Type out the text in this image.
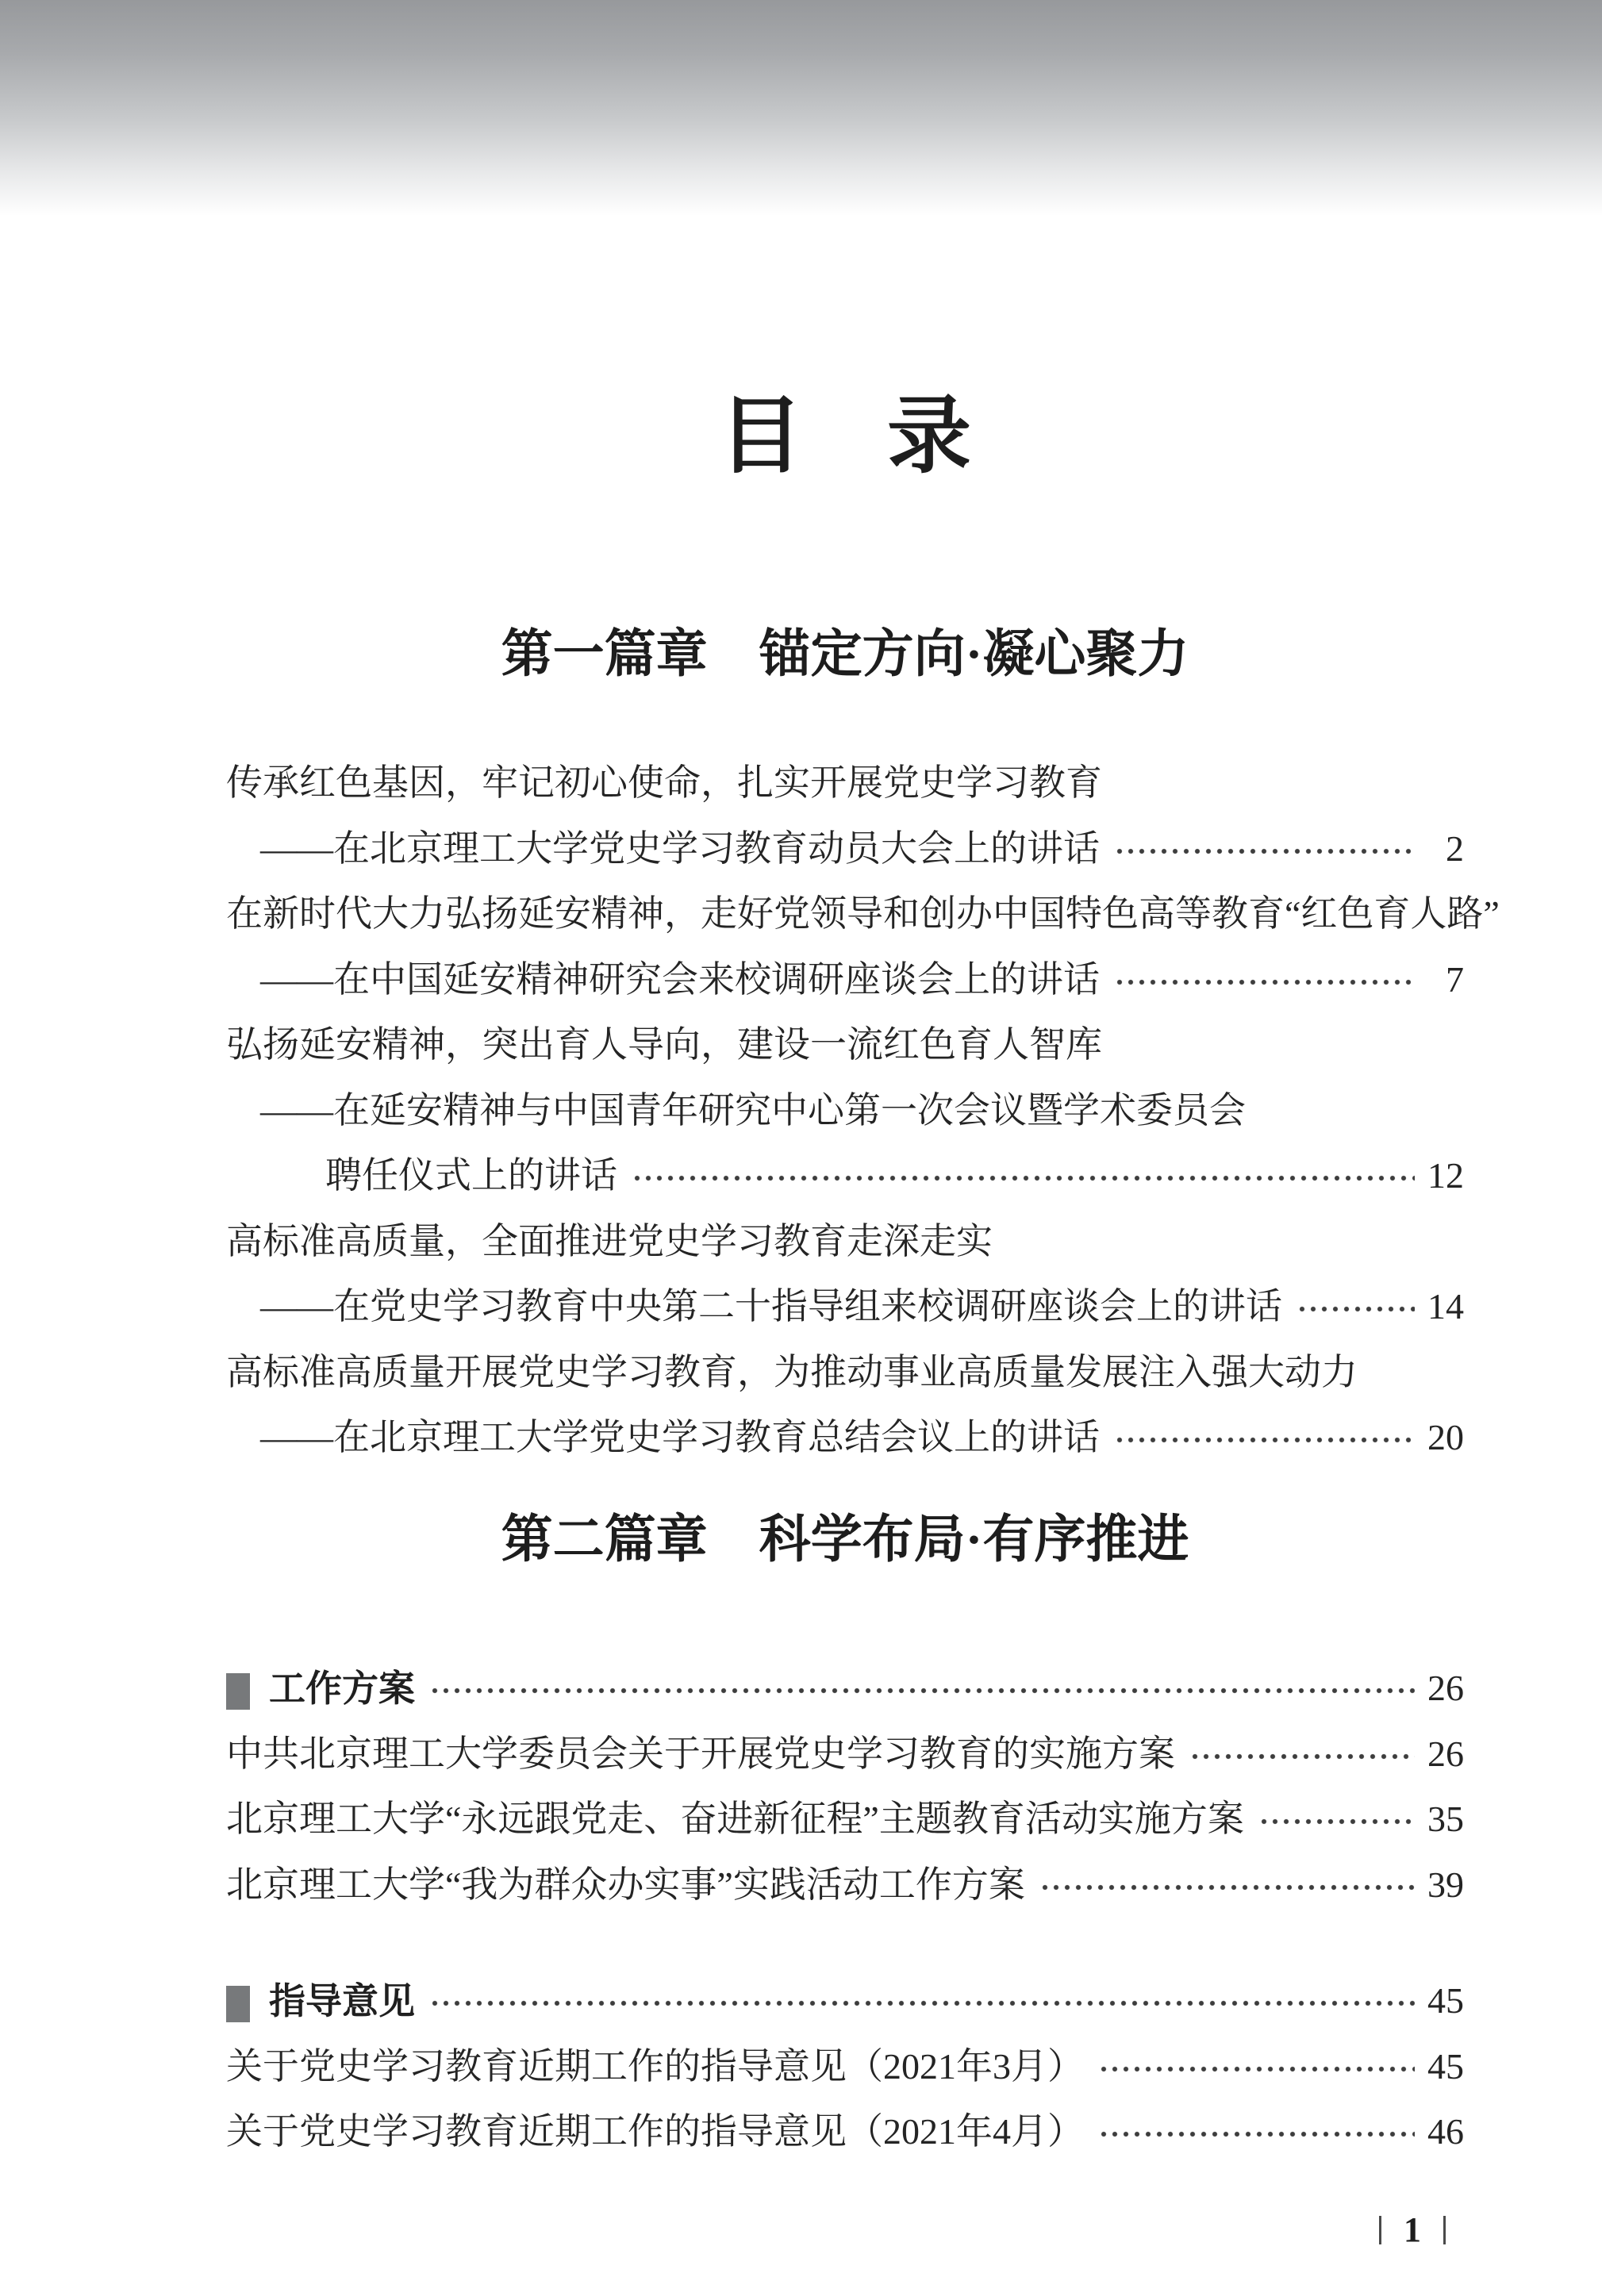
目　录
第一篇章　锚定方向·凝心聚力
传承红色基因，牢记初心使命，扎实开展党史学习教育
——在北京理工大学党史学习教育动员大会上的讲话	2
在新时代大力弘扬延安精神，走好党领导和创办中国特色高等教育“红色育人路”
——在中国延安精神研究会来校调研座谈会上的讲话	7
弘扬延安精神，突出育人导向，建设一流红色育人智库
——在延安精神与中国青年研究中心第一次会议暨学术委员会
聘任仪式上的讲话	12
高标准高质量，全面推进党史学习教育走深走实
——在党史学习教育中央第二十指导组来校调研座谈会上的讲话	14
高标准高质量开展党史学习教育，为推动事业高质量发展注入强大动力
——在北京理工大学党史学习教育总结会议上的讲话	20
第二篇章　科学布局·有序推进
工作方案	26
中共北京理工大学委员会关于开展党史学习教育的实施方案	26
北京理工大学“永远跟党走、奋进新征程”主题教育活动实施方案	35
北京理工大学“我为群众办实事”实践活动工作方案	39
指导意见	45
关于党史学习教育近期工作的指导意见（2021年3月）	45
关于党史学习教育近期工作的指导意见（2021年4月）	46
1
